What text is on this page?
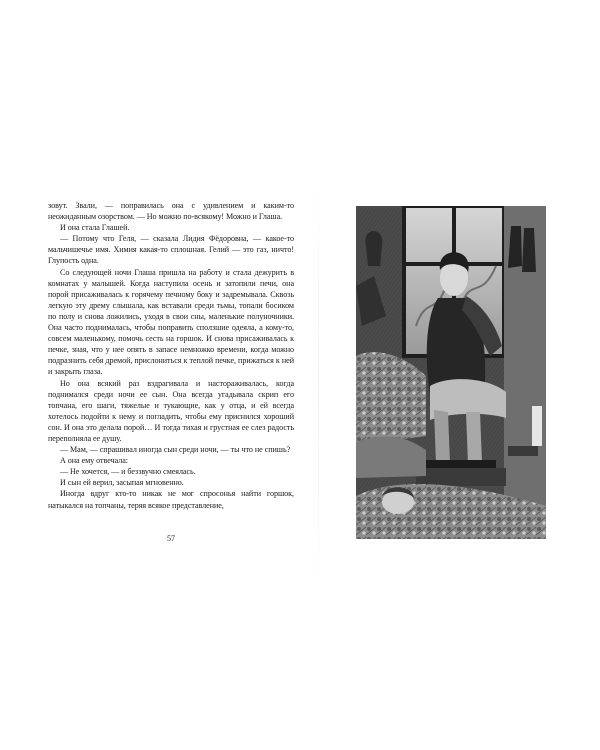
зовут. Звали, — поправилась она с удивлением и каким-то неожиданным озорством. — Но можно по-всякому! Можно и Глаша.

И она стала Глашей.

— Потому что Геля, — сказала Лидия Фёдоровна, — какое-то мальчишечье имя. Химия какая-то сплошная. Гелий — это газ, ничто! Глупость одна.

Со следующей ночи Глаша пришла на работу и стала дежурить в комнатах у малышей. Когда наступила осень и затопили печи, она порой присаживалась к горячему печному боку и задремывала. Сквозь легкую эту дрему слышала, как вставали среди тьмы, топали босиком по полу и снова ложились, уходя в свои сны, маленькие полуночники. Она часто поднималась, чтобы поправить сползшие одеяла, а кому-то, совсем маленькому, помочь сесть на горшок. И снова присаживалась к печке, зная, что у нее опять в запасе немножко времени, когда можно подразнить себя дремой, прислониться к теплой печке, прижаться к ней и закрыть глаза.

Но она всякий раз вздрагивала и настораживалась, когда поднимался среди ночи ее сын. Она всегда угадывала скрип его топчана, его шаги, тяжелые и тукающие, как у отца, и ей всегда хотелось подойти к нему и погладить, чтобы ему приснился хороший сон. И она это делала порой… И тогда тихая и грустная ее слез радость переполняла ее душу.

— Мам, — спрашивал иногда сын среди ночи, — ты что не спишь?

А она ему отвечала:

— Не хочется, — и беззвучно смеялась.

И сын ей верил, засыпая мгновенно.

Иногда вдруг кто-то никак не мог спросонья найти горшок, натыкался на топчаны, теряя всякое представление,

57
